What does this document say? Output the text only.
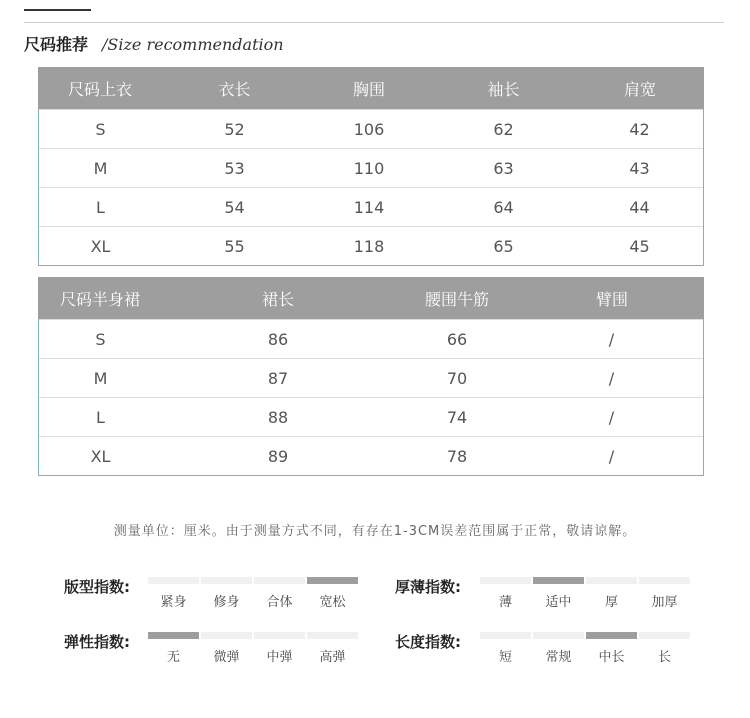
尺码推荐 /Size recommendation
尺码上衣	衣长	胸围	袖长	肩宽
S	52	106	62	42
M	53	110	63	43
L	54	114	64	44
XL	55	118	65	45
尺码半身裙	裙长	腰围牛筋	臂围
S	86	66	/
M	87	70	/
L	88	74	/
XL	89	78	/
测量单位：厘米。由于测量方式不同，有存在1-3CM误差范围属于正常，敬请谅解。
版型指数:
紧身 修身 合体 宽松
厚薄指数:
薄	适中	厚	加厚
弹性指数:
无	微弹 中弹 高弹
长度指数:
短	常规 中长	长
